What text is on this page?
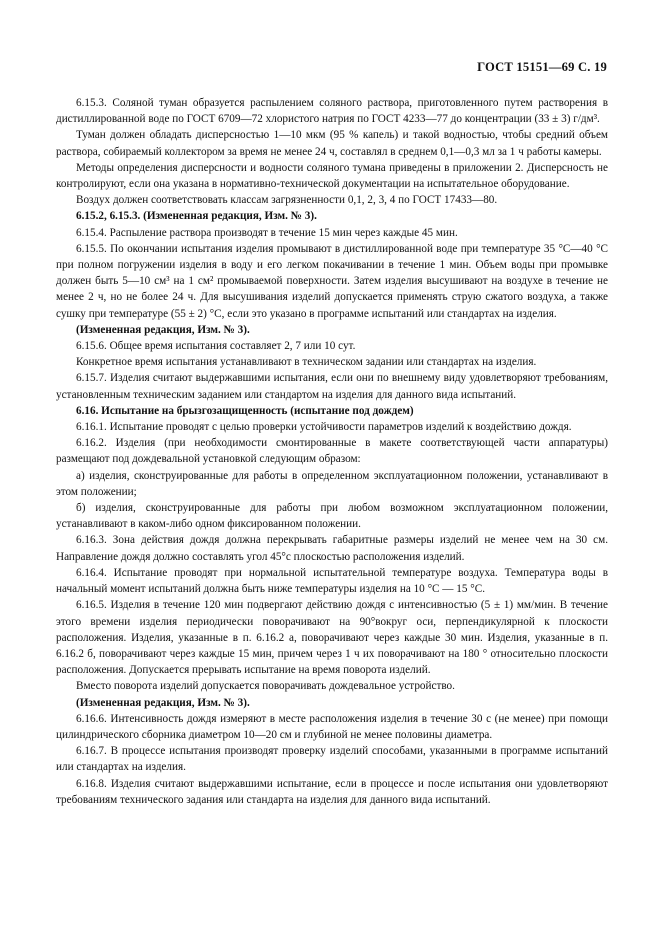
ГОСТ 15151—69 С. 19

6.15.3. Соляной туман образуется распылением соляного раствора, приготовленного путем растворения в дистиллированной воде по ГОСТ 6709—72 хлористого натрия по ГОСТ 4233—77 до концентрации (33 ± 3) г/дм³.

Туман должен обладать дисперсностью 1—10 мкм (95 % капель) и такой водностью, чтобы средний объем раствора, собираемый коллектором за время не менее 24 ч, составлял в среднем 0,1—0,3 мл за 1 ч работы камеры.

Методы определения дисперсности и водности соляного тумана приведены в приложении 2. Дисперсность не контролируют, если она указана в нормативно-технической документации на испытательное оборудование.

Воздух должен соответствовать классам загрязненности 0,1, 2, 3, 4 по ГОСТ 17433—80.

6.15.2, 6.15.3. (Измененная редакция, Изм. № 3).

6.15.4. Распыление раствора производят в течение 15 мин через каждые 45 мин.

6.15.5. По окончании испытания изделия промывают в дистиллированной воде при температуре 35 °C—40 °C при полном погружении изделия в воду и его легком покачивании в течение 1 мин. Объем воды при промывке должен быть 5—10 см³ на 1 см² промываемой поверхности. Затем изделия высушивают на воздухе в течение не менее 2 ч, но не более 24 ч. Для высушивания изделий допускается применять струю сжатого воздуха, а также сушку при температуре (55 ± 2) °C, если это указано в программе испытаний или стандартах на изделия.

(Измененная редакция, Изм. № 3).

6.15.6. Общее время испытания составляет 2, 7 или 10 сут.

Конкретное время испытания устанавливают в техническом задании или стандартах на изделия.

6.15.7. Изделия считают выдержавшими испытания, если они по внешнему виду удовлетворяют требованиям, установленным техническим заданием или стандартом на изделия для данного вида испытаний.

6.16. Испытание на брызгозащищенность (испытание под дождем)

6.16.1. Испытание проводят с целью проверки устойчивости параметров изделий к воздействию дождя.

6.16.2. Изделия (при необходимости смонтированные в макете соответствующей части аппаратуры) размещают под дождевальной установкой следующим образом:

а) изделия, сконструированные для работы в определенном эксплуатационном положении, устанавливают в этом положении;

б) изделия, сконструированные для работы при любом возможном эксплуатационном положении, устанавливают в каком-либо одном фиксированном положении.

6.16.3. Зона действия дождя должна перекрывать габаритные размеры изделий не менее чем на 30 см. Направление дождя должно составлять угол 45°с плоскостью расположения изделий.

6.16.4. Испытание проводят при нормальной испытательной температуре воздуха. Температура воды в начальный момент испытаний должна быть ниже температуры изделия на 10 °C — 15 °C.

6.16.5. Изделия в течение 120 мин подвергают действию дождя с интенсивностью (5 ± 1) мм/мин. В течение этого времени изделия периодически поворачивают на 90°вокруг оси, перпендикулярной к плоскости расположения. Изделия, указанные в п. 6.16.2 а, поворачивают через каждые 30 мин. Изделия, указанные в п. 6.16.2 б, поворачивают через каждые 15 мин, причем через 1 ч их поворачивают на 180 ° относительно плоскости расположения. Допускается прерывать испытание на время поворота изделий.

Вместо поворота изделий допускается поворачивать дождевальное устройство.

(Измененная редакция, Изм. № 3).

6.16.6. Интенсивность дождя измеряют в месте расположения изделия в течение 30 с (не менее) при помощи цилиндрического сборника диаметром 10—20 см и глубиной не менее половины диаметра.

6.16.7. В процессе испытания производят проверку изделий способами, указанными в программе испытаний или стандартах на изделия.

6.16.8. Изделия считают выдержавшими испытание, если в процессе и после испытания они удовлетворяют требованиям технического задания или стандарта на изделия для данного вида испытаний.
